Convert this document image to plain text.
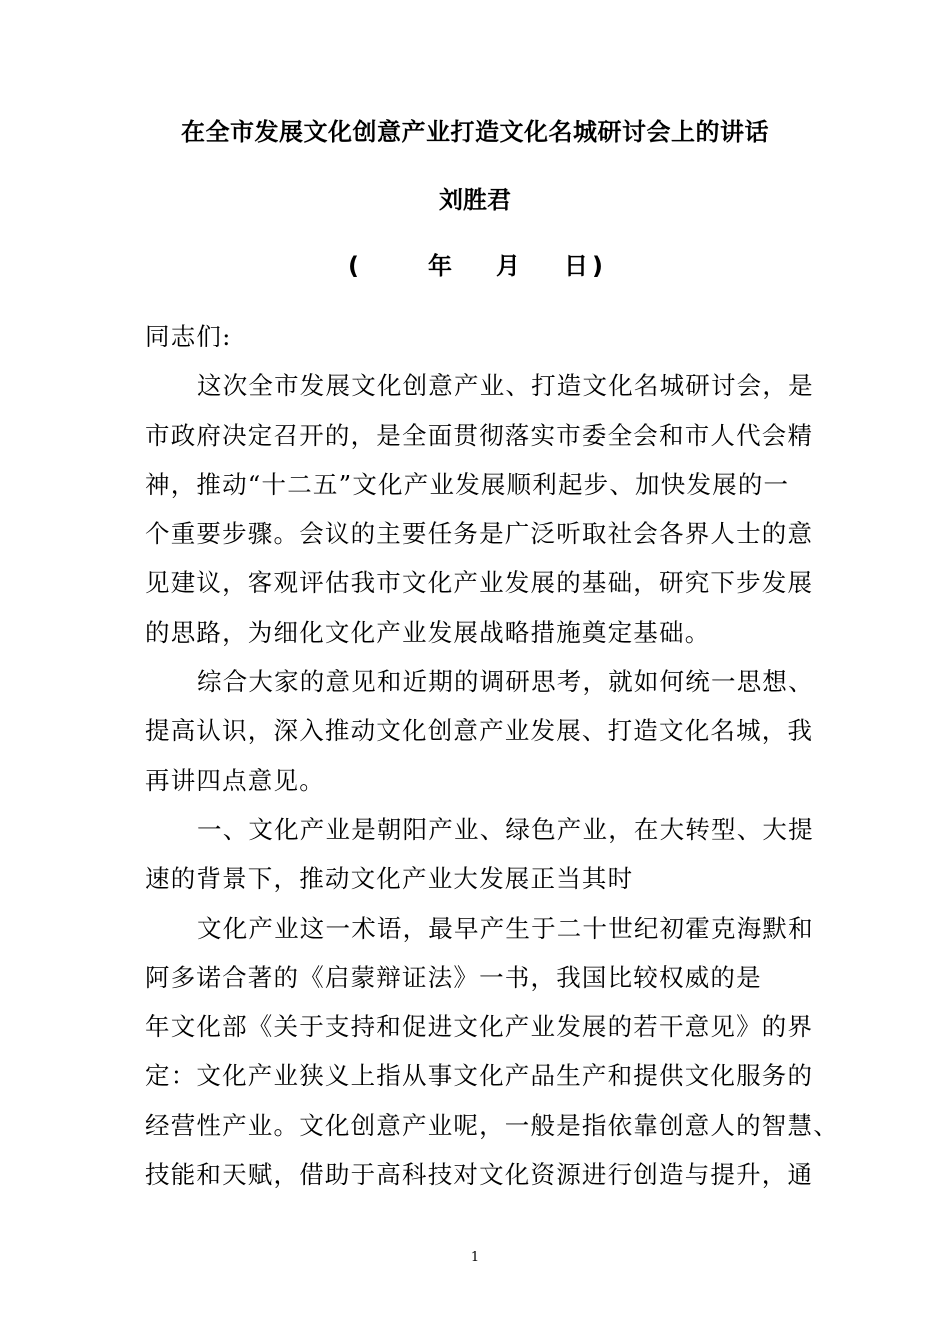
在全市发展文化创意产业打造文化名城研讨会上的讲话
刘胜君
(	年 月 日 )
同志们:
这次全市发展文化创意产业、打造文化名城研讨会，是
市政府决定召开的，是全面贯彻落实市委全会和市人代会精
神，推动“十二五”文化产业发展顺利起步、加快发展的一
个重要步骤。会议的主要任务是广泛听取社会各界人士的意
见建议，客观评估我市文化产业发展的基础，研究下步发展
的思路，为细化文化产业发展战略措施奠定基础。
综合大家的意见和近期的调研思考，就如何统一思想、
提高认识，深入推动文化创意产业发展、打造文化名城，我
再讲四点意见。
一、文化产业是朝阳产业、绿色产业，在大转型、大提
速的背景下，推动文化产业大发展正当其时
文化产业这一术语，最早产生于二十世纪初霍克海默和
阿多诺合著的《启蒙辩证法》一书，我国比较权威的是
年文化部《关于支持和促进文化产业发展的若干意见》的界
定：文化产业狭义上指从事文化产品生产和提供文化服务的
经营性产业。文化创意产业呢，一般是指依靠创意人的智慧、
技能和天赋，借助于高科技对文化资源进行创造与提升，通
1
